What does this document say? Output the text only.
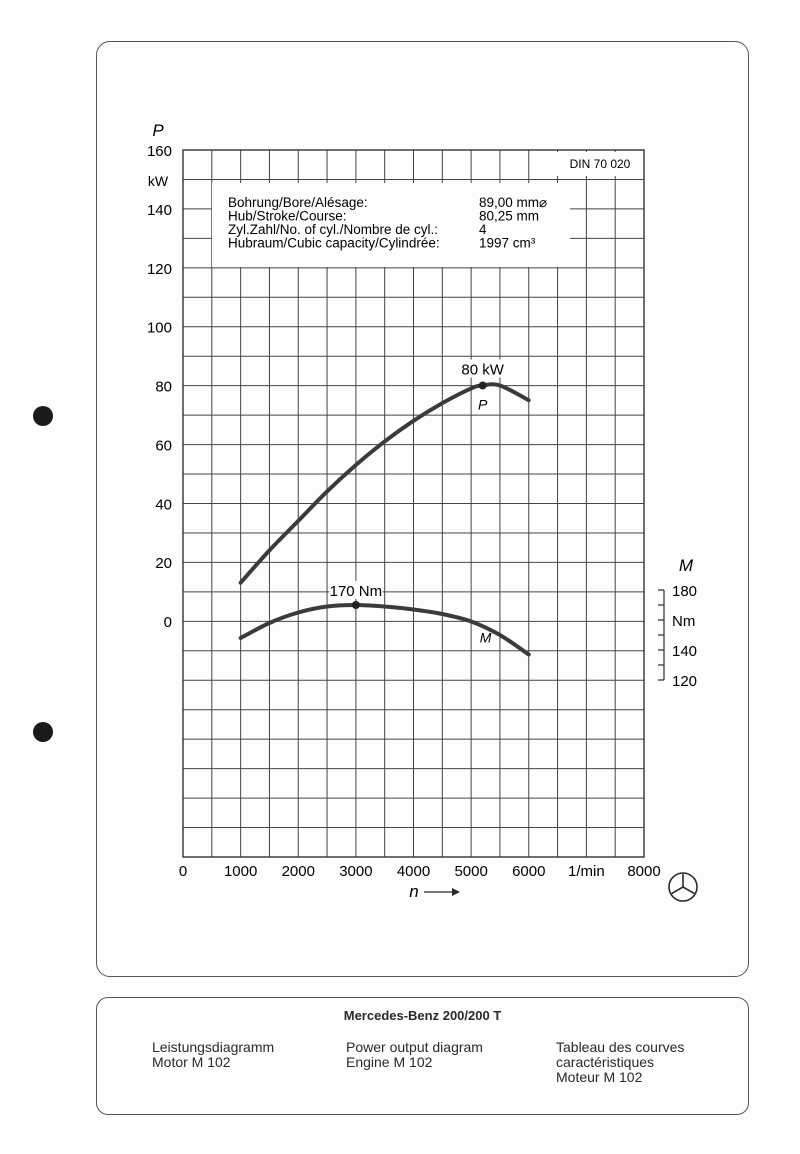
Bohrung/Bore/Alésage:	89,00 mm⌀
Hub/Stroke/Course:	80,25 mm
Zyl.Zahl/No. of cyl./Nombre de cyl.:	4
Hubraum/Cubic capacity/Cylindrée:	1997 cm³
DIN 70 020
P
0
20
40
60
80
100
120
140
160
kW
0 1000 2000 3000 4000 5000 6000	8000
1/min
n
M
180
140
120
Nm
80 kW
P
170 Nm
M
Mercedes-Benz 200/200 T
Leistungsdiagramm
Motor M 102
Power output diagram
Engine M 102
Tableau des courves
caractéristiques
Moteur M 102
